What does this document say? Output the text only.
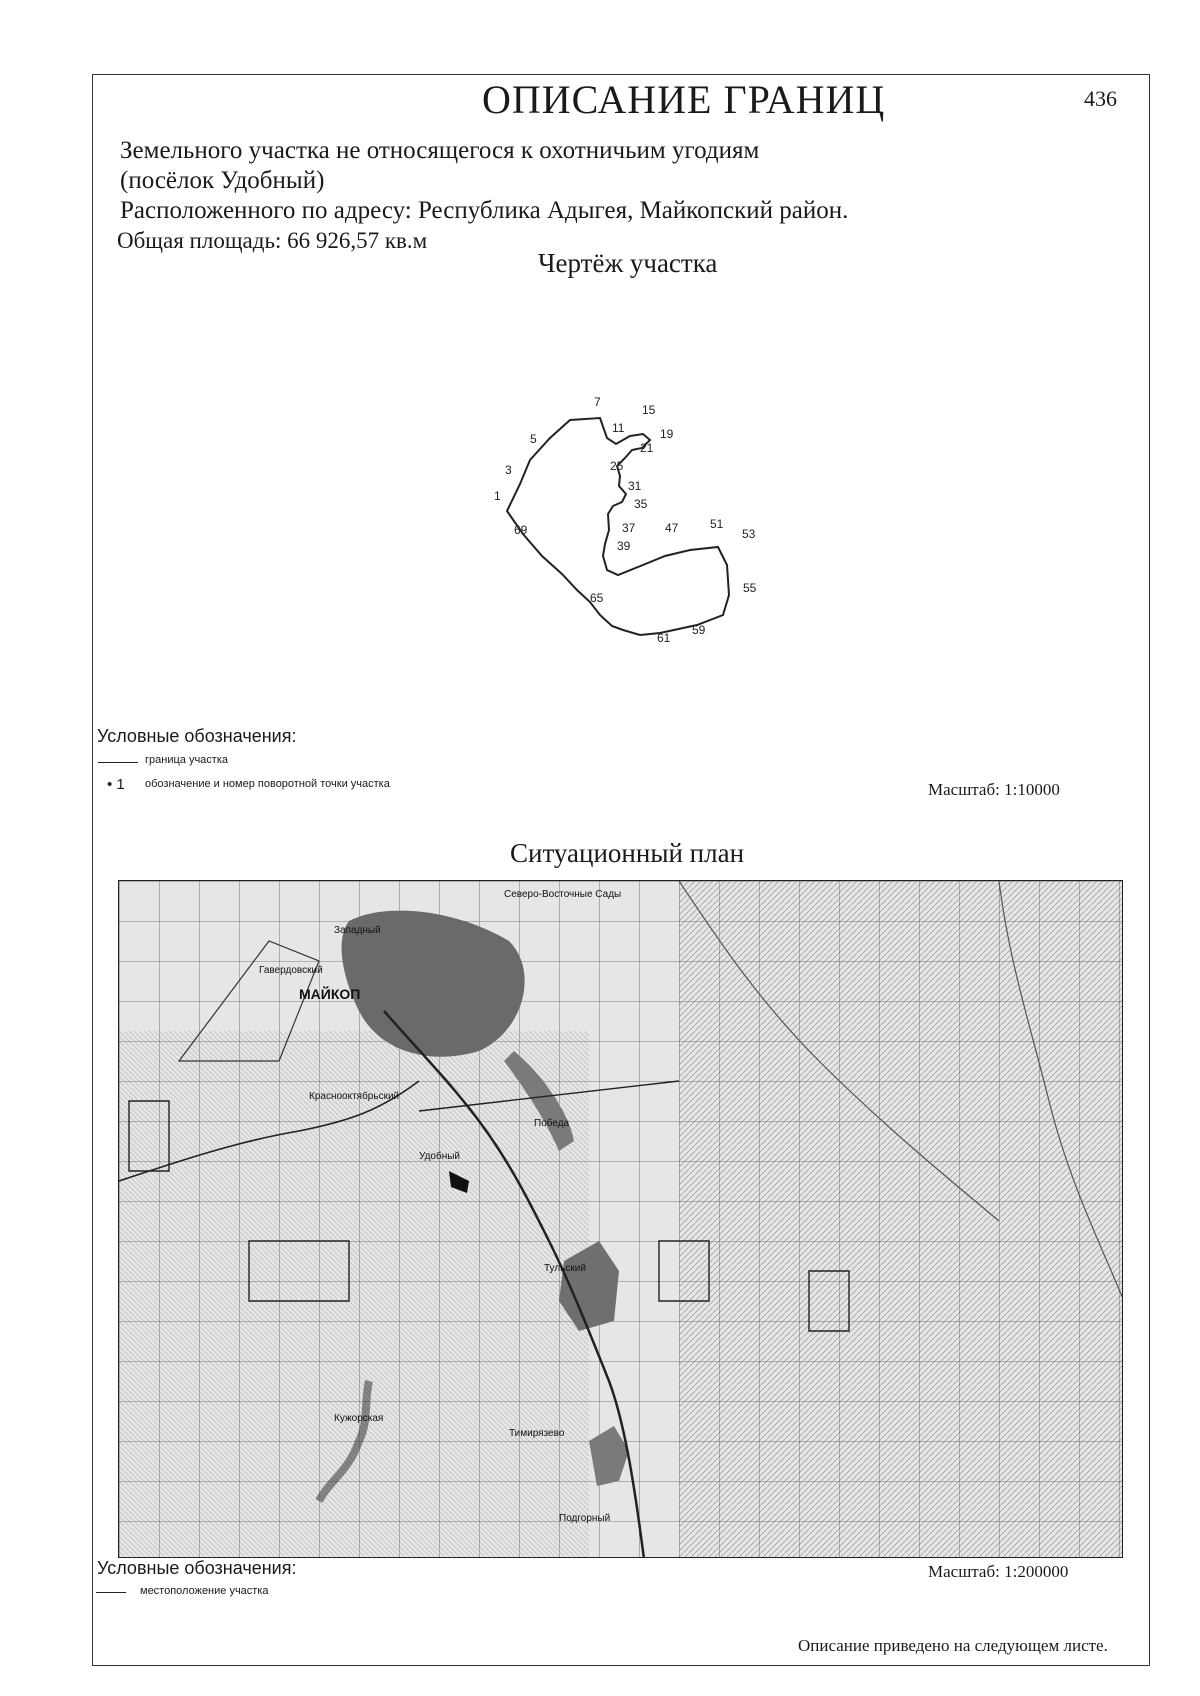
ОПИСАНИЕ ГРАНИЦ	436
Земельного участка не относящегося к охотничьим угодиям
(посёлок Удобный)
Расположенного по адресу: Республика Адыгея, Майкопский район.
Общая площадь: 66 926,57 кв.м
Чертёж участка
7
15
11	19
5
21
25
3
31
1
35
69	37 47	51
53
39
55
65
61
59
Условные обозначения:
граница участка
• 1 обозначение и номер поворотной точки участка	Масштаб: 1:10000
Ситуационный план
Северо-Восточные Сады
Западный
Гавердовский
МАЙКОП
Краснооктябрьский
Победа
Удобный
Тульский
Кужорская
Тимирязево
Подгорный
Условные обозначения:	Масштаб: 1:200000
местоположение участка
Описание приведено на следующем листе.
